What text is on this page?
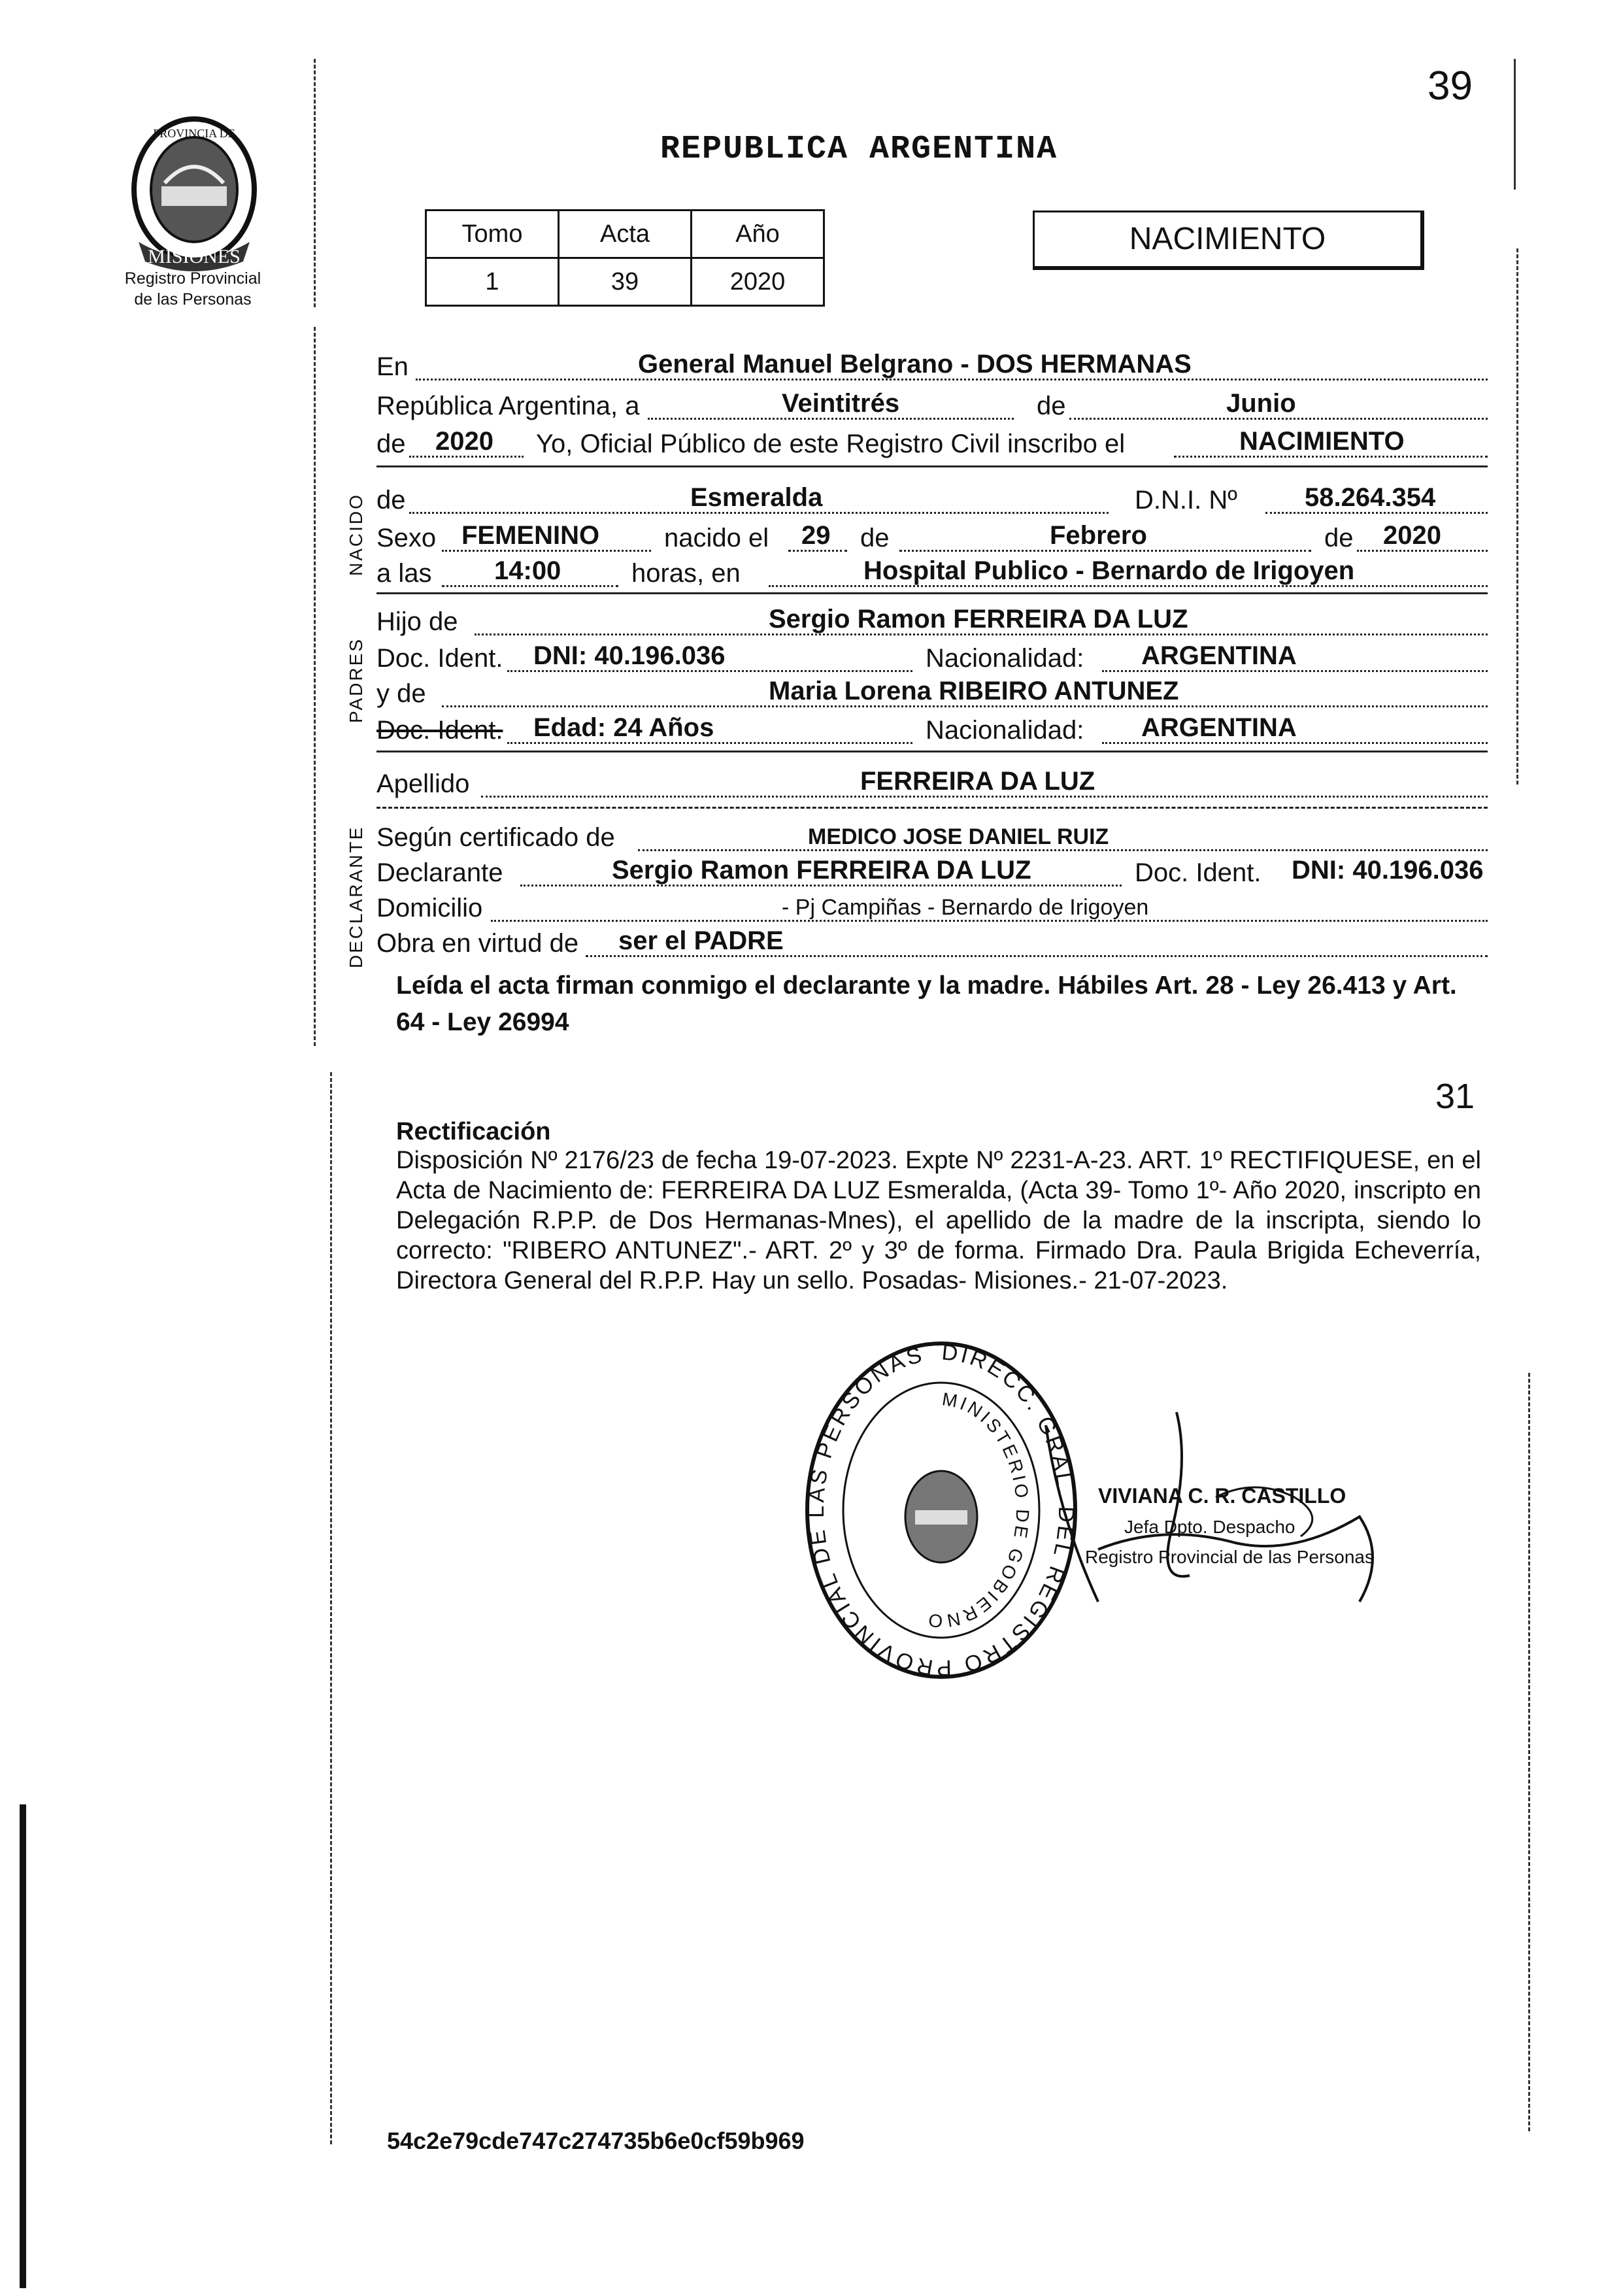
39
REPUBLICA ARGENTINA
MISIONES
PROVINCIA DE
Registro Provincial
de las Personas
Tomo	Acta	Año
1	39	2020
NACIMIENTO
En	General Manuel Belgrano - DOS HERMANAS
República Argentina, a	Veintitrés	de	Junio
de 2020 Yo, Oficial Público de este Registro Civil inscribo el	NACIMIENTO
NACIDO de	Esmeralda	D.N.I. Nº	58.264.354
Sexo FEMENINO nacido el 29 de	Febrero	de 2020
a las 14:00	horas, en	Hospital Publico - Bernardo de Irigoyen
PADRES
Hijo de	Sergio Ramon FERREIRA DA LUZ
Doc. Ident. DNI: 40.196.036	Nacionalidad: ARGENTINA
y de	Maria Lorena RIBEIRO ANTUNEZ
Doc. Ident. Edad: 24 Años	Nacionalidad: ARGENTINA
Apellido	FERREIRA DA LUZ
DECLARANTE Según certificado de	MEDICO JOSE DANIEL RUIZ
Declarante	Sergio Ramon FERREIRA DA LUZ	Doc. Ident. DNI: 40.196.036
Domicilio	- Pj Campiñas - Bernardo de Irigoyen
Obra en virtud de ser el PADRE
Leída el acta firman conmigo el declarante y la madre. Hábiles Art. 28 - Ley 26.413 y Art. 64 - Ley 26994
31
Rectificación
Disposición Nº 2176/23 de fecha 19-07-2023. Expte Nº 2231-A-23. ART. 1º RECTIFIQUESE, en el Acta de Nacimiento de: FERREIRA DA LUZ Esmeralda, (Acta 39- Tomo 1º- Año 2020, inscripto en Delegación R.P.P. de Dos Hermanas-Mnes), el apellido de la madre de la inscripta, siendo lo correcto: "RIBERO ANTUNEZ".- ART. 2º y 3º de forma. Firmado Dra. Paula Brigida Echeverría, Directora General del R.P.P. Hay un sello. Posadas- Misiones.- 21-07-2023.
DIRECC. GRAL. DEL REGISTRO PROVINCIAL DE LAS PERSONAS
MINISTERIO DE GOBIERNO
VIVIANA C. R. CASTILLO
Jefa Dpto. Despacho
Registro Provincial de las Personas
54c2e79cde747c274735b6e0cf59b969
